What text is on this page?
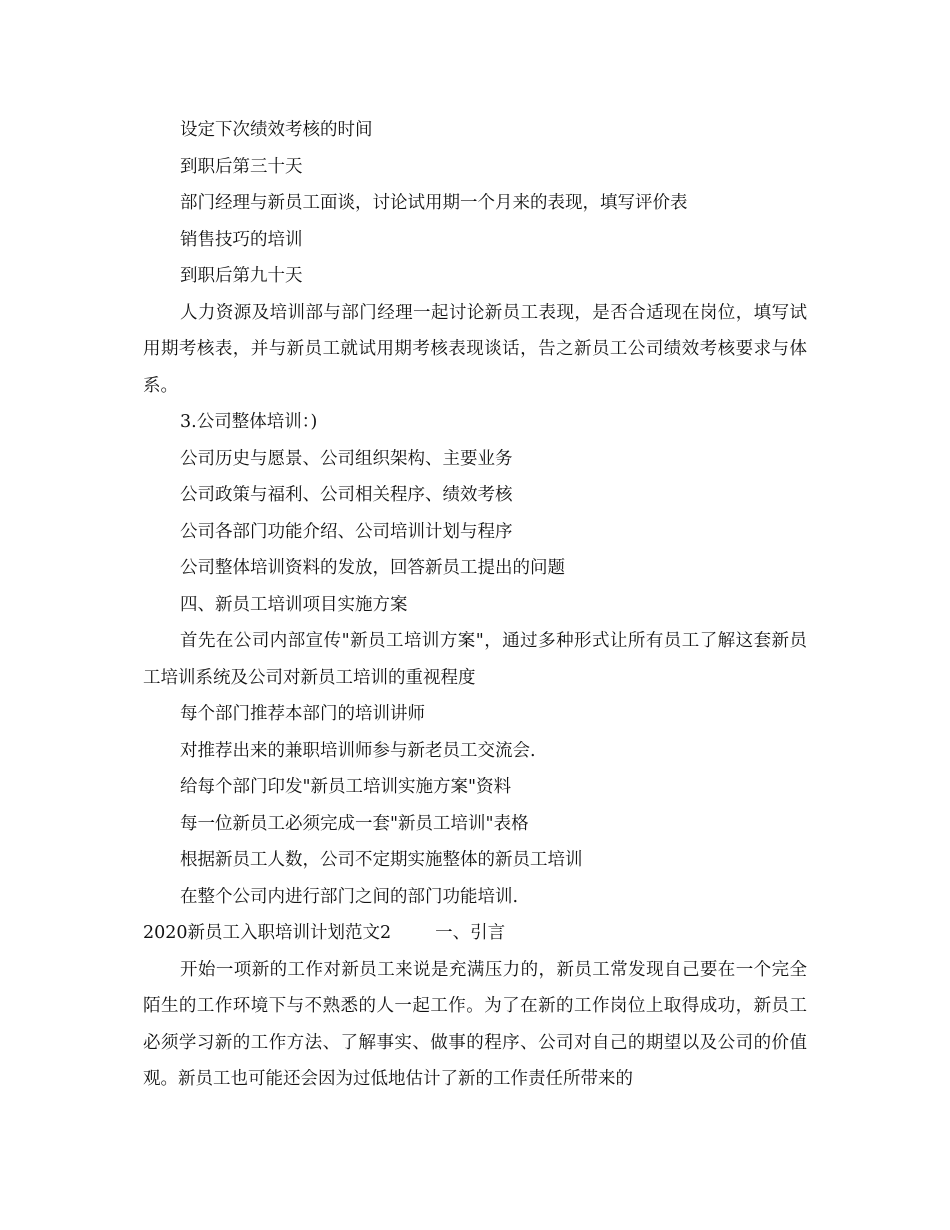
设定下次绩效考核的时间

到职后第三十天

部门经理与新员工面谈，讨论试用期一个月来的表现，填写评价表

销售技巧的培训

到职后第九十天

人力资源及培训部与部门经理一起讨论新员工表现，是否合适现在岗位，填写试用期考核表，并与新员工就试用期考核表现谈话，告之新员工公司绩效考核要求与体系。

3.公司整体培训：)

公司历史与愿景、公司组织架构、主要业务

公司政策与福利、公司相关程序、绩效考核

公司各部门功能介绍、公司培训计划与程序

公司整体培训资料的发放，回答新员工提出的问题

四、新员工培训项目实施方案

首先在公司内部宣传"新员工培训方案"，通过多种形式让所有员工了解这套新员工培训系统及公司对新员工培训的重视程度

每个部门推荐本部门的培训讲师

对推荐出来的兼职培训师参与新老员工交流会.

给每个部门印发"新员工培训实施方案"资料

每一位新员工必须完成一套"新员工培训"表格

根据新员工人数，公司不定期实施整体的新员工培训

在整个公司内进行部门之间的部门功能培训.

2020新员工入职培训计划范文2	一、引言

开始一项新的工作对新员工来说是充满压力的，新员工常发现自己要在一个完全陌生的工作环境下与不熟悉的人一起工作。为了在新的工作岗位上取得成功，新员工必须学习新的工作方法、了解事实、做事的程序、公司对自己的期望以及公司的价值观。新员工也可能还会因为过低地估计了新的工作责任所带来的
